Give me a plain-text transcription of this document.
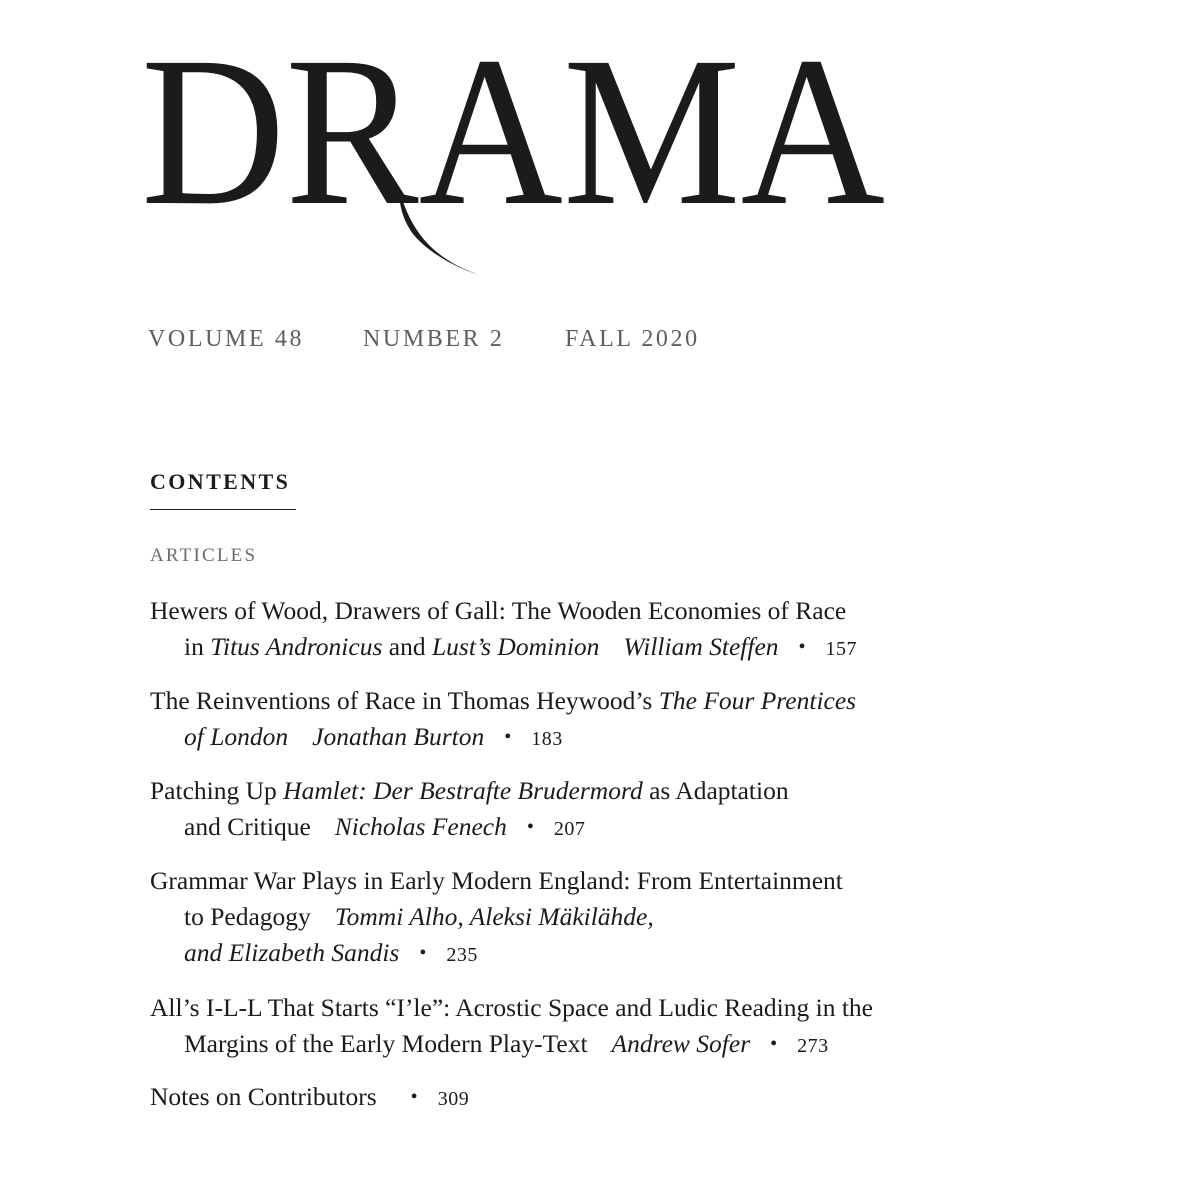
DRAMA
VOLUME 48 NUMBER 2	FALL 2020
CONTENTS
ARTICLES
Hewers of Wood, Drawers of Gall: The Wooden Economies of Race
in Titus Andronicus and Lust’s Dominion William Steffen • 157
The Reinventions of Race in Thomas Heywood’s The Four Prentices
of London Jonathan Burton • 183
Patching Up Hamlet: Der Bestrafte Brudermord as Adaptation
and Critique Nicholas Fenech • 207
Grammar War Plays in Early Modern England: From Entertainment
to Pedagogy Tommi Alho, Aleksi Mäkilähde,
and Elizabeth Sandis • 235
All’s I-L-L That Starts “I’le”: Acrostic Space and Ludic Reading in the
Margins of the Early Modern Play-Text Andrew Sofer • 273
Notes on Contributors • 309
